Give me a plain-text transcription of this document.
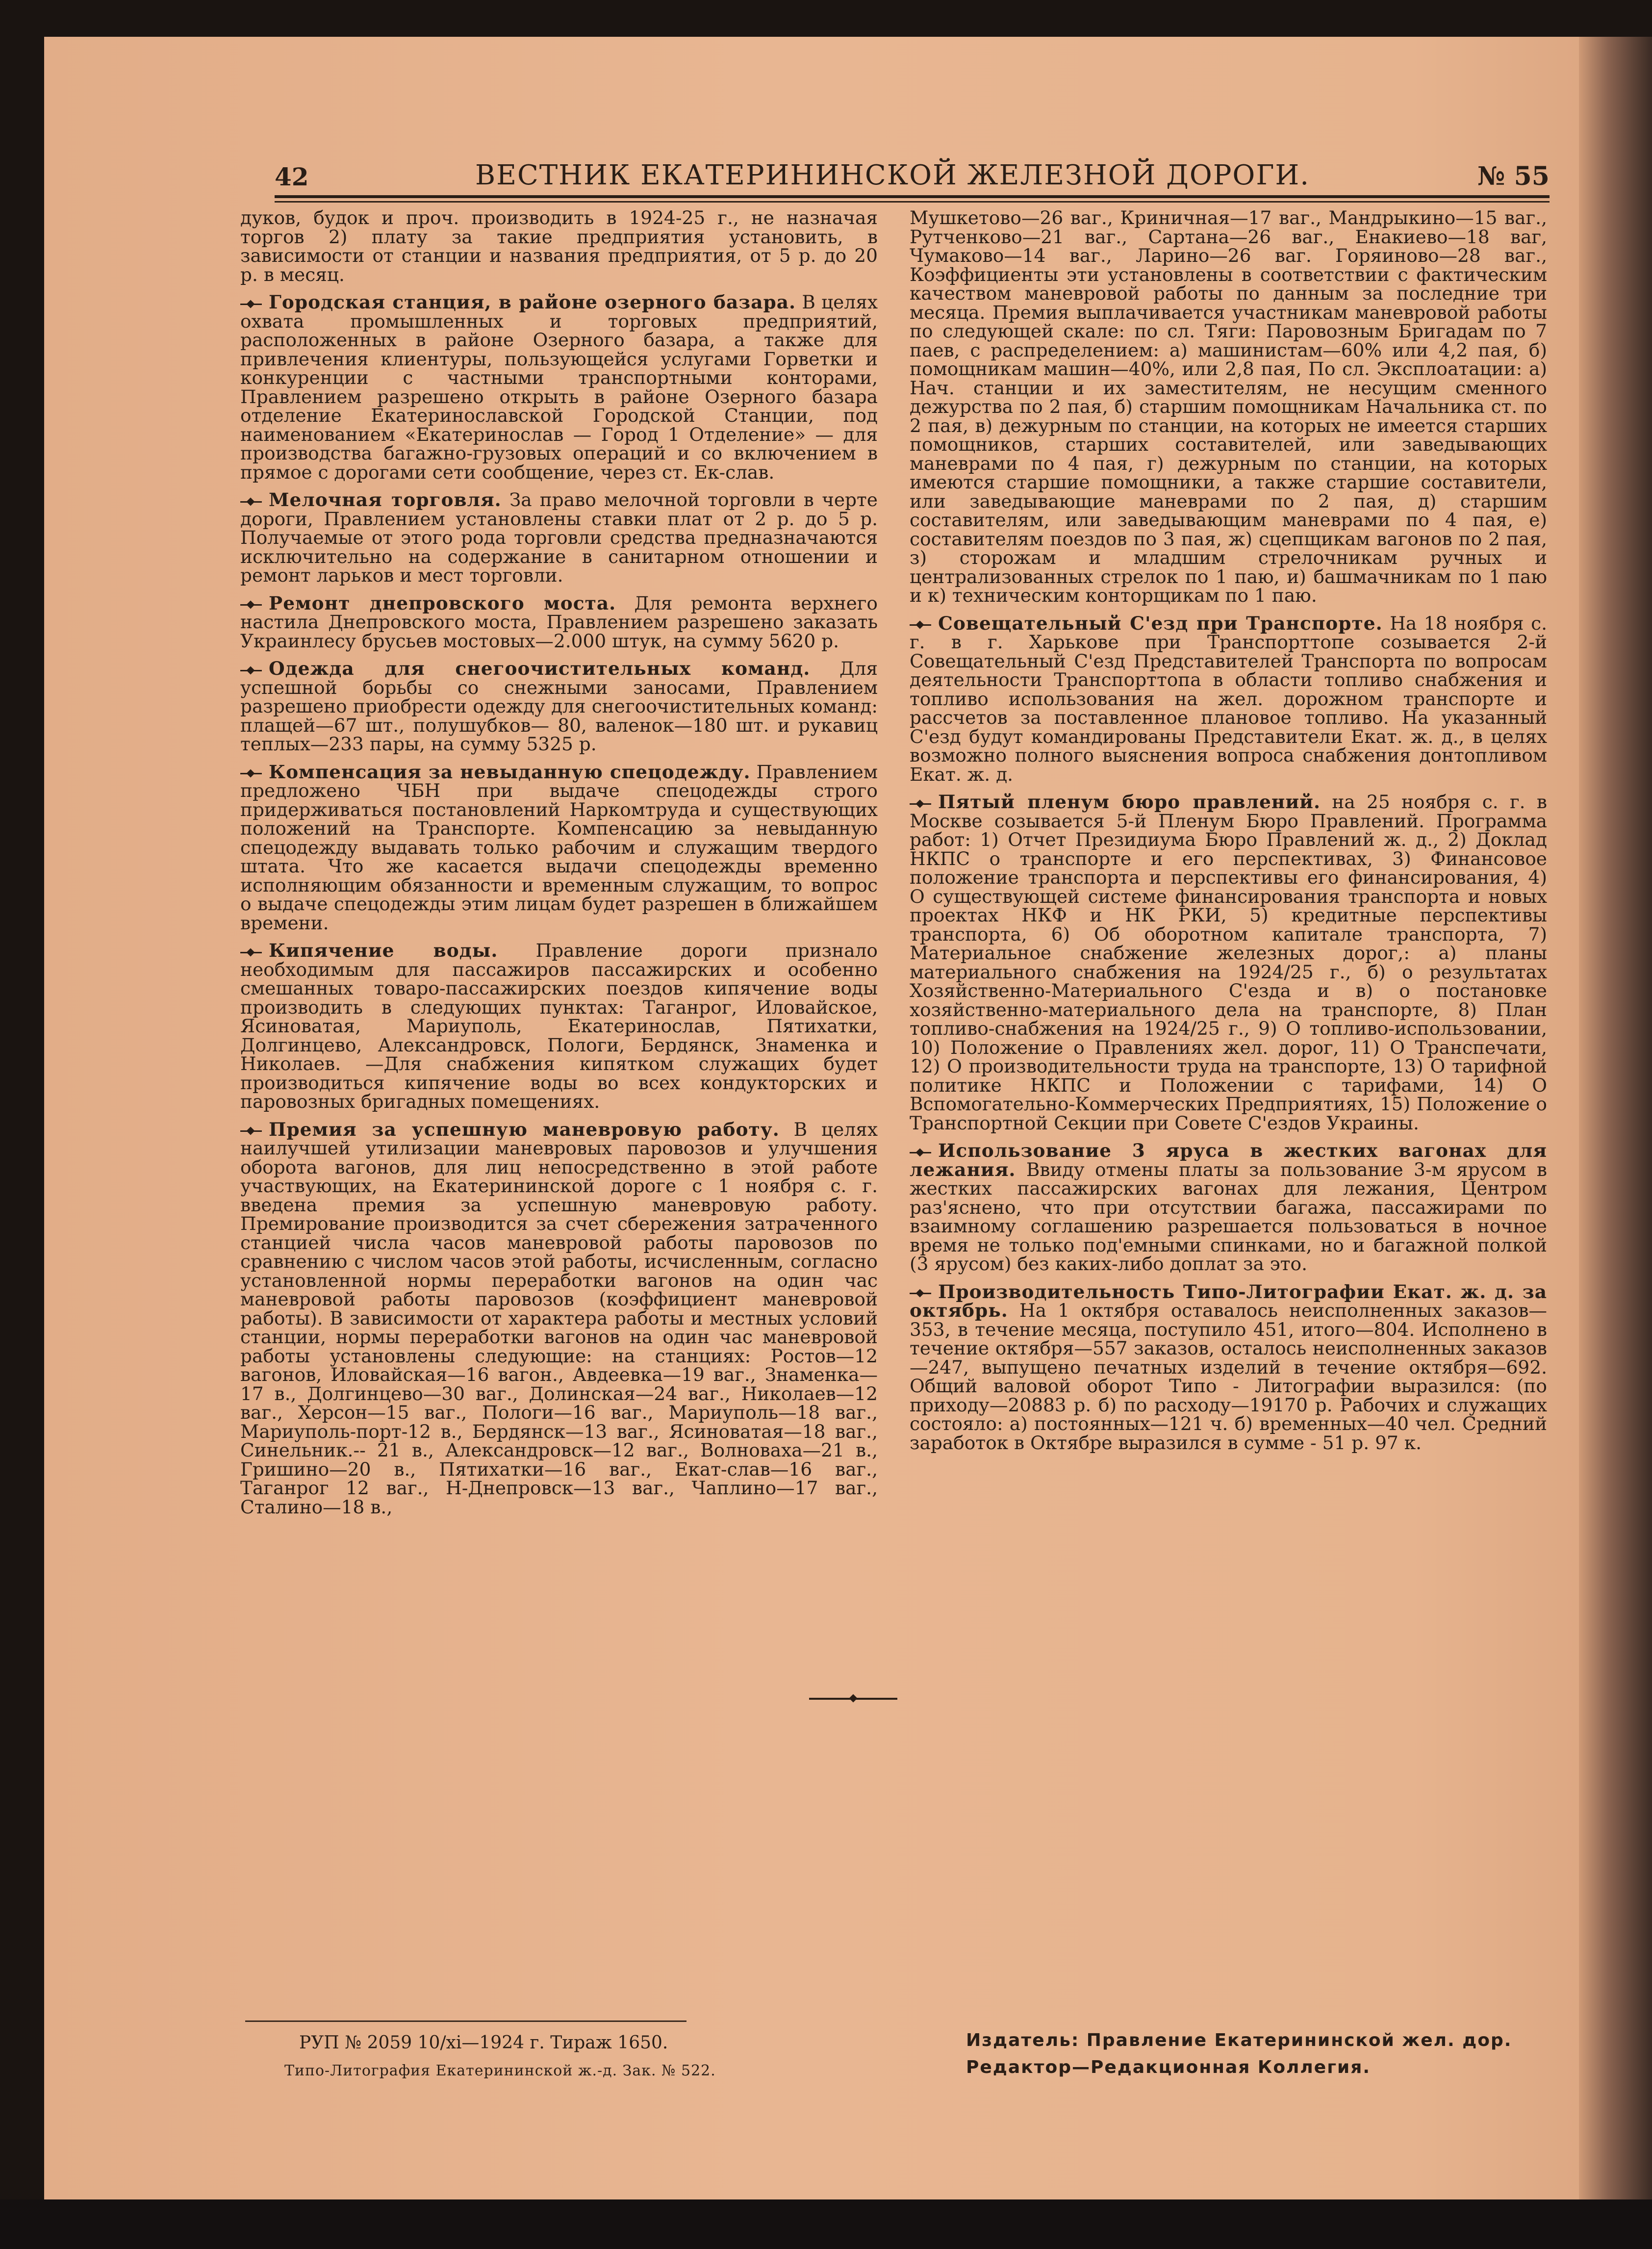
42	ВЕСТНИК ЕКАТЕРИНИНСКОЙ ЖЕЛЕЗНОЙ ДОРОГИ.	№ 55

дуков, будок и проч. производить в 1924-25 г., не назначая торгов 2) плату за такие предприятия установить, в зависимости от станции и названия предприятия, от 5 р. до 20 р. в месяц.

Городская станция, в районе озерного базара. В целях охвата промышленных и торговых предприятий, расположенных в районе Озерного базара, а также для привлечения клиентуры, пользующейся услугами Горветки и конкуренции с частными транспортными конторами, Правлением разрешено открыть в районе Озерного базара отделение Екатеринославской Городской Станции, под наименованием «Екатеринослав — Город 1 Отделение» — для производства багажно-грузовых операций и со включением в прямое с дорогами сети сообщение, через ст. Ек-слав.

Мелочная торговля. За право мелочной торговли в черте дороги, Правлением установлены ставки плат от 2 р. до 5 р. Получаемые от этого рода торговли средства предназначаются исключительно на содержание в санитарном отношении и ремонт ларьков и мест торговли.

Ремонт днепровского моста. Для ремонта верхнего настила Днепровского моста, Правлением разрешено заказать Украинлесу брусьев мостовых—2.000 штук, на сумму 5620 р.

Одежда для снегоочистительных команд. Для успешной борьбы со снежными заносами, Правлением разрешено приобрести одежду для снегоочистительных команд: плащей—67 шт., полушубков— 80, валенок—180 шт. и рукавиц теплых—233 пары, на сумму 5325 р.

Компенсация за невыданную спецодежду. Правлением предложено ЧБН при выдаче спецодежды строго придерживаться постановлений Наркомтруда и существующих положений на Транспорте. Компенсацию за невыданную спецодежду выдавать только рабочим и служащим твердого штата. Что же касается выдачи спецодежды временно исполняющим обязанности и временным служащим, то вопрос о выдаче спецодежды этим лицам будет разрешен в ближайшем времени.

Кипячение воды. Правление дороги признало необходимым для пассажиров пассажирских и особенно смешанных товаро-пассажирских поездов кипячение воды производить в следующих пунктах: Таганрог, Иловайское, Ясиноватая, Мариуполь, Екатеринослав, Пятихатки, Долгинцево, Александровск, Пологи, Бердянск, Знаменка и Николаев. —Для снабжения кипятком служащих будет производиться кипячение воды во всех кондукторских и паровозных бригадных помещениях.

Премия за успешную маневровую работу. В целях наилучшей утилизации маневровых паровозов и улучшения оборота вагонов, для лиц непосредственно в этой работе участвующих, на Екатерининской дороге с 1 ноября с. г. введена премия за успешную маневровую работу. Премирование производится за счет сбережения затраченного станцией числа часов маневровой работы паровозов по сравнению с числом часов этой работы, исчисленным, согласно установленной нормы переработки вагонов на один час маневровой работы паровозов (коэффициент маневровой работы). В зависимости от характера работы и местных условий станции, нормы переработки вагонов на один час маневровой работы установлены следующие: на станциях: Ростов—12 вагонов, Иловайская—16 вагон., Авдеевка—19 ваг., Знаменка—17 в., Долгинцево—30 ваг., Долинская—24 ваг., Николаев—12 ваг., Херсон—15 ваг., Пологи—16 ваг., Мариуполь—18 ваг., Мариуполь-порт-12 в., Бердянск—13 ваг., Ясиноватая—18 ваг., Синельник.-- 21 в., Александровск—12 ваг., Волноваха—21 в., Гришино—20 в., Пятихатки—16 ваг., Екат-слав—16 ваг., Таганрог 12 ваг., Н-Днепровск—13 ваг., Чаплино—17 ваг., Сталино—18 в.,

Мушкетово—26 ваг., Криничная—17 ваг., Мандрыкино—15 ваг., Рутченково—21 ваг., Сартана—26 ваг., Енакиево—18 ваг, Чумаково—14 ваг., Ларино—26 ваг. Горяиново—28 ваг., Коэффициенты эти установлены в соответствии с фактическим качеством маневровой работы по данным за последние три месяца. Премия выплачивается участникам маневровой работы по следующей скале: по сл. Тяги: Паровозным Бригадам по 7 паев, с распределением: а) машинистам—60% или 4,2 пая, б) помощникам машин—40%, или 2,8 пая, По сл. Эксплоатации: а) Нач. станции и их заместителям, не несущим сменного дежурства по 2 пая, б) старшим помощникам Начальника ст. по 2 пая, в) дежурным по станции, на которых не имеется старших помощников, старших составителей, или заведывающих маневрами по 4 пая, г) дежурным по станции, на которых имеются старшие помощники, а также старшие составители, или заведывающие маневрами по 2 пая, д) старшим составителям, или заведывающим маневрами по 4 пая, е) составителям поездов по 3 пая, ж) сцепщикам вагонов по 2 пая, з) сторожам и младшим стрелочникам ручных и централизованных стрелок по 1 паю, и) башмачникам по 1 паю и к) техническим конторщикам по 1 паю.

Совещательный С'езд при Транспорте. На 18 ноября с. г. в г. Харькове при Транспорттопе созывается 2-й Совещательный С'езд Представителей Транспорта по вопросам деятельности Транспорттопа в области топливо снабжения и топливо использования на жел. дорожном транспорте и рассчетов за поставленное плановое топливо. На указанный С'езд будут командированы Представители Екат. ж. д., в целях возможно полного выяснения вопроса снабжения донтопливом Екат. ж. д.

Пятый пленум бюро правлений. на 25 ноября с. г. в Москве созывается 5-й Пленум Бюро Правлений. Программа работ: 1) Отчет Президиума Бюро Правлений ж. д., 2) Доклад НКПС о транспорте и его перспективах, 3) Финансовое положение транспорта и перспективы его финансирования, 4) О существующей системе финансирования транспорта и новых проектах НКФ и НК РКИ, 5) кредитные перспективы транспорта, 6) Об оборотном капитале транспорта, 7) Материальное снабжение железных дорог,: а) планы материального снабжения на 1924/25 г., б) о результатах Хозяйственно-Материального С'езда и в) о постановке хозяйственно-материального дела на транспорте, 8) План топливо-снабжения на 1924/25 г., 9) О топливо-использовании, 10) Положение о Правлениях жел. дорог, 11) О Транспечати, 12) О производительности труда на транспорте, 13) О тарифной политике НКПС и Положении с тарифами, 14) О Вспомогательно-Коммерческих Предприятиях, 15) Положение о Транспортной Секции при Совете С'ездов Украины.

Использование 3 яруса в жестких вагонах для лежания. Ввиду отмены платы за пользование 3-м ярусом в жестких пассажирских вагонах для лежания, Центром раз'яснено, что при отсутствии багажа, пассажирами по взаимному соглашению разрешается пользоваться в ночное время не только под'емными спинками, но и багажной полкой (3 ярусом) без каких-либо доплат за это.

Производительность Типо-Литографии Екат. ж. д. за октябрь. На 1 октября оставалось неисполненных заказов—353, в течение месяца, поступило 451, итого—804. Исполнено в течение октября—557 заказов, осталось неисполненных заказов—247, выпущено печатных изделий в течение октября—692. Общий валовой оборот Типо - Литографии выразился: (по приходу—20883 р. б) по расходу—19170 р. Рабочих и служащих состояло: а) постоянных—121 ч. б) временных—40 чел. Средний заработок в Октябре выразился в сумме - 51 р. 97 к.

РУП № 2059 10/xi—1924 г. Тираж 1650.
Типо-Литография Екатерининской ж.-д. Зак. № 522.
Издатель: Правление Екатерининской жел. дор.
Редактор—Редакционная Коллегия.
